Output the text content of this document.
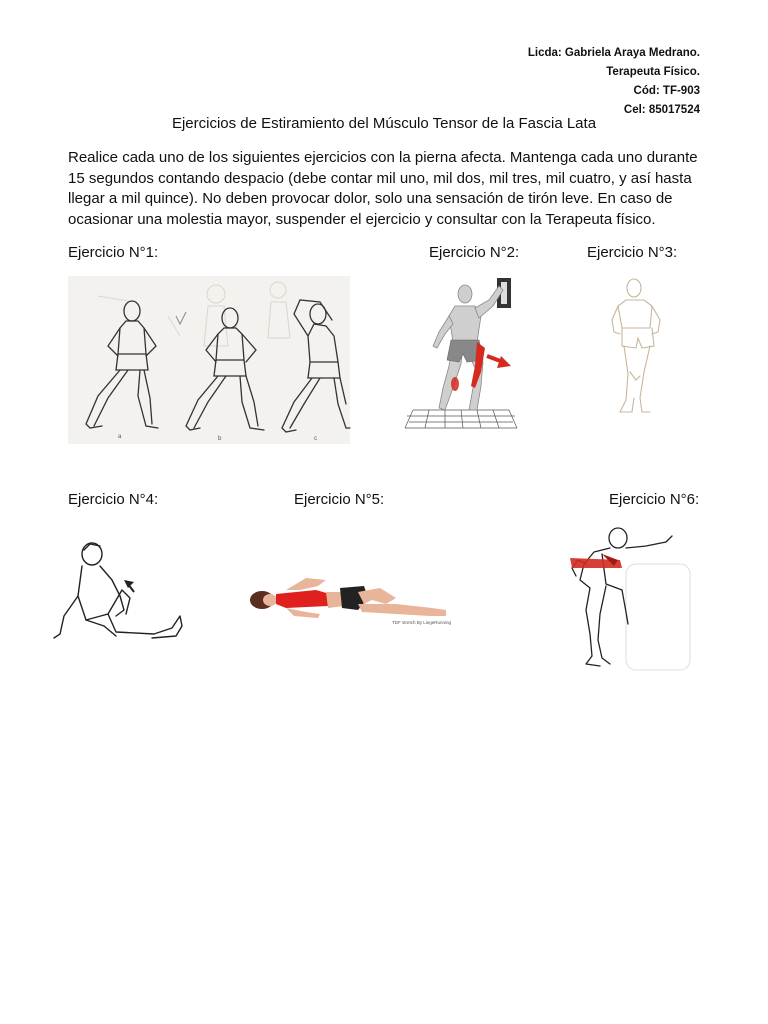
Licda: Gabriela Araya Medrano.
Terapeuta Físico.
Cód: TF-903
Cel: 85017524
Ejercicios de Estiramiento del Músculo Tensor de la Fascia Lata
Realice cada uno de los siguientes ejercicios con la pierna afecta. Mantenga cada uno durante 15 segundos contando despacio (debe contar mil uno, mil dos, mil tres, mil cuatro, y así hasta llegar a mil quince). No deben provocar dolor, solo una sensación de tirón leve. En caso de ocasionar una molestia mayor, suspender el ejercicio y consultar con la Terapeuta físico.
Ejercicio N°1:	Ejercicio N°2:	Ejercicio N°3:
Ejercicio N°4:	Ejercicio N°5:	Ejercicio N°6:
a	b	c
TDF stretch By LiegeRunning
